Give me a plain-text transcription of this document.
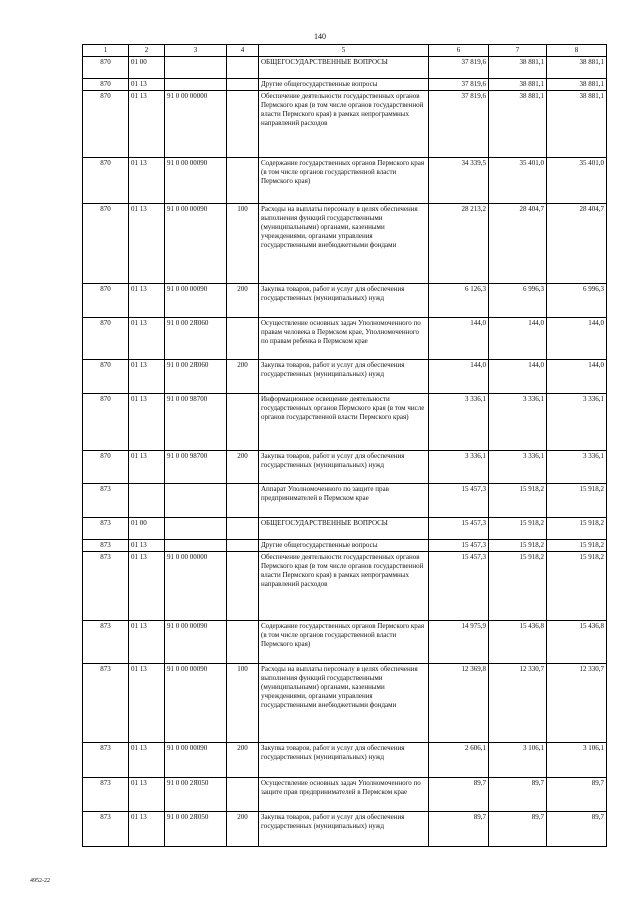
140
1	2	3	4	5	6	7	8
870	01 00			ОБЩЕГОСУДАРСТВЕННЫЕ ВОПРОСЫ	37 819,6	38 881,1	38 881,1
870	01 13			Другие общегосударственные вопросы	37 819,6	38 881,1	38 881,1
870	01 13	91 0 00 00000		Обеспечение деятельности государственных органов Пермского края (в том числе органов государственной власти Пермского края) в рамках непрограммных направлений расходов	37 819,6	38 881,1	38 881,1
870	01 13	91 0 00 00090		Содержание государственных органов Пермского края (в том числе органов государственной власти Пермского края)	34 339,5	35 401,0	35 401,0
870	01 13	91 0 00 00090	100	Расходы на выплаты персоналу в целях обеспечения выполнения функций государственными (муниципальными) органами, казенными учреждениями, органами управления государственными внебюджетными фондами	28 213,2	28 404,7	28 404,7
870	01 13	91 0 00 00090	200	Закупка товаров, работ и услуг для обеспечения государственных (муниципальных) нужд	6 126,3	6 996,3	6 996,3
870	01 13	91 0 00 2Я060		Осуществление основных задач Уполномоченного по правам человека в Пермском крае, Уполномоченного по правам ребенка в Пермском крае	144,0	144,0	144,0
870	01 13	91 0 00 2Я060	200	Закупка товаров, работ и услуг для обеспечения государственных (муниципальных) нужд	144,0	144,0	144,0
870	01 13	91 0 00 98700		Информационное освещение деятельности государственных органов Пермского края (в том числе органов государственной власти Пермского края)	3 336,1	3 336,1	3 336,1
870	01 13	91 0 00 98700	200	Закупка товаров, работ и услуг для обеспечения государственных (муниципальных) нужд	3 336,1	3 336,1	3 336,1
873				Аппарат Уполномоченного по защите прав предпринимателей в Пермском крае	15 457,3	15 918,2	15 918,2
873	01 00			ОБЩЕГОСУДАРСТВЕННЫЕ ВОПРОСЫ	15 457,3	15 918,2	15 918,2
873	01 13			Другие общегосударственные вопросы	15 457,3	15 918,2	15 918,2
873	01 13	91 0 00 00000		Обеспечение деятельности государственных органов Пермского края (в том числе органов государственной власти Пермского края) в рамках непрограммных направлений расходов	15 457,3	15 918,2	15 918,2
873	01 13	91 0 00 00090		Содержание государственных органов Пермского края (в том числе органов государственной власти Пермского края)	14 975,9	15 436,8	15 436,8
873	01 13	91 0 00 00090	100	Расходы на выплаты персоналу в целях обеспечения выполнения функций государственными (муниципальными) органами, казенными учреждениями, органами управления государственными внебюджетными фондами	12 369,8	12 330,7	12 330,7
873	01 13	91 0 00 00090	200	Закупка товаров, работ и услуг для обеспечения государственных (муниципальных) нужд	2 606,1	3 106,1	3 106,1
873	01 13	91 0 00 2Я050		Осуществление основных задач Уполномоченного по защите прав предпринимателей в Пермском крае	89,7	89,7	89,7
873	01 13	91 0 00 2Я050	200	Закупка товаров, работ и услуг для обеспечения государственных (муниципальных) нужд	89,7	89,7	89,7
4952-22
